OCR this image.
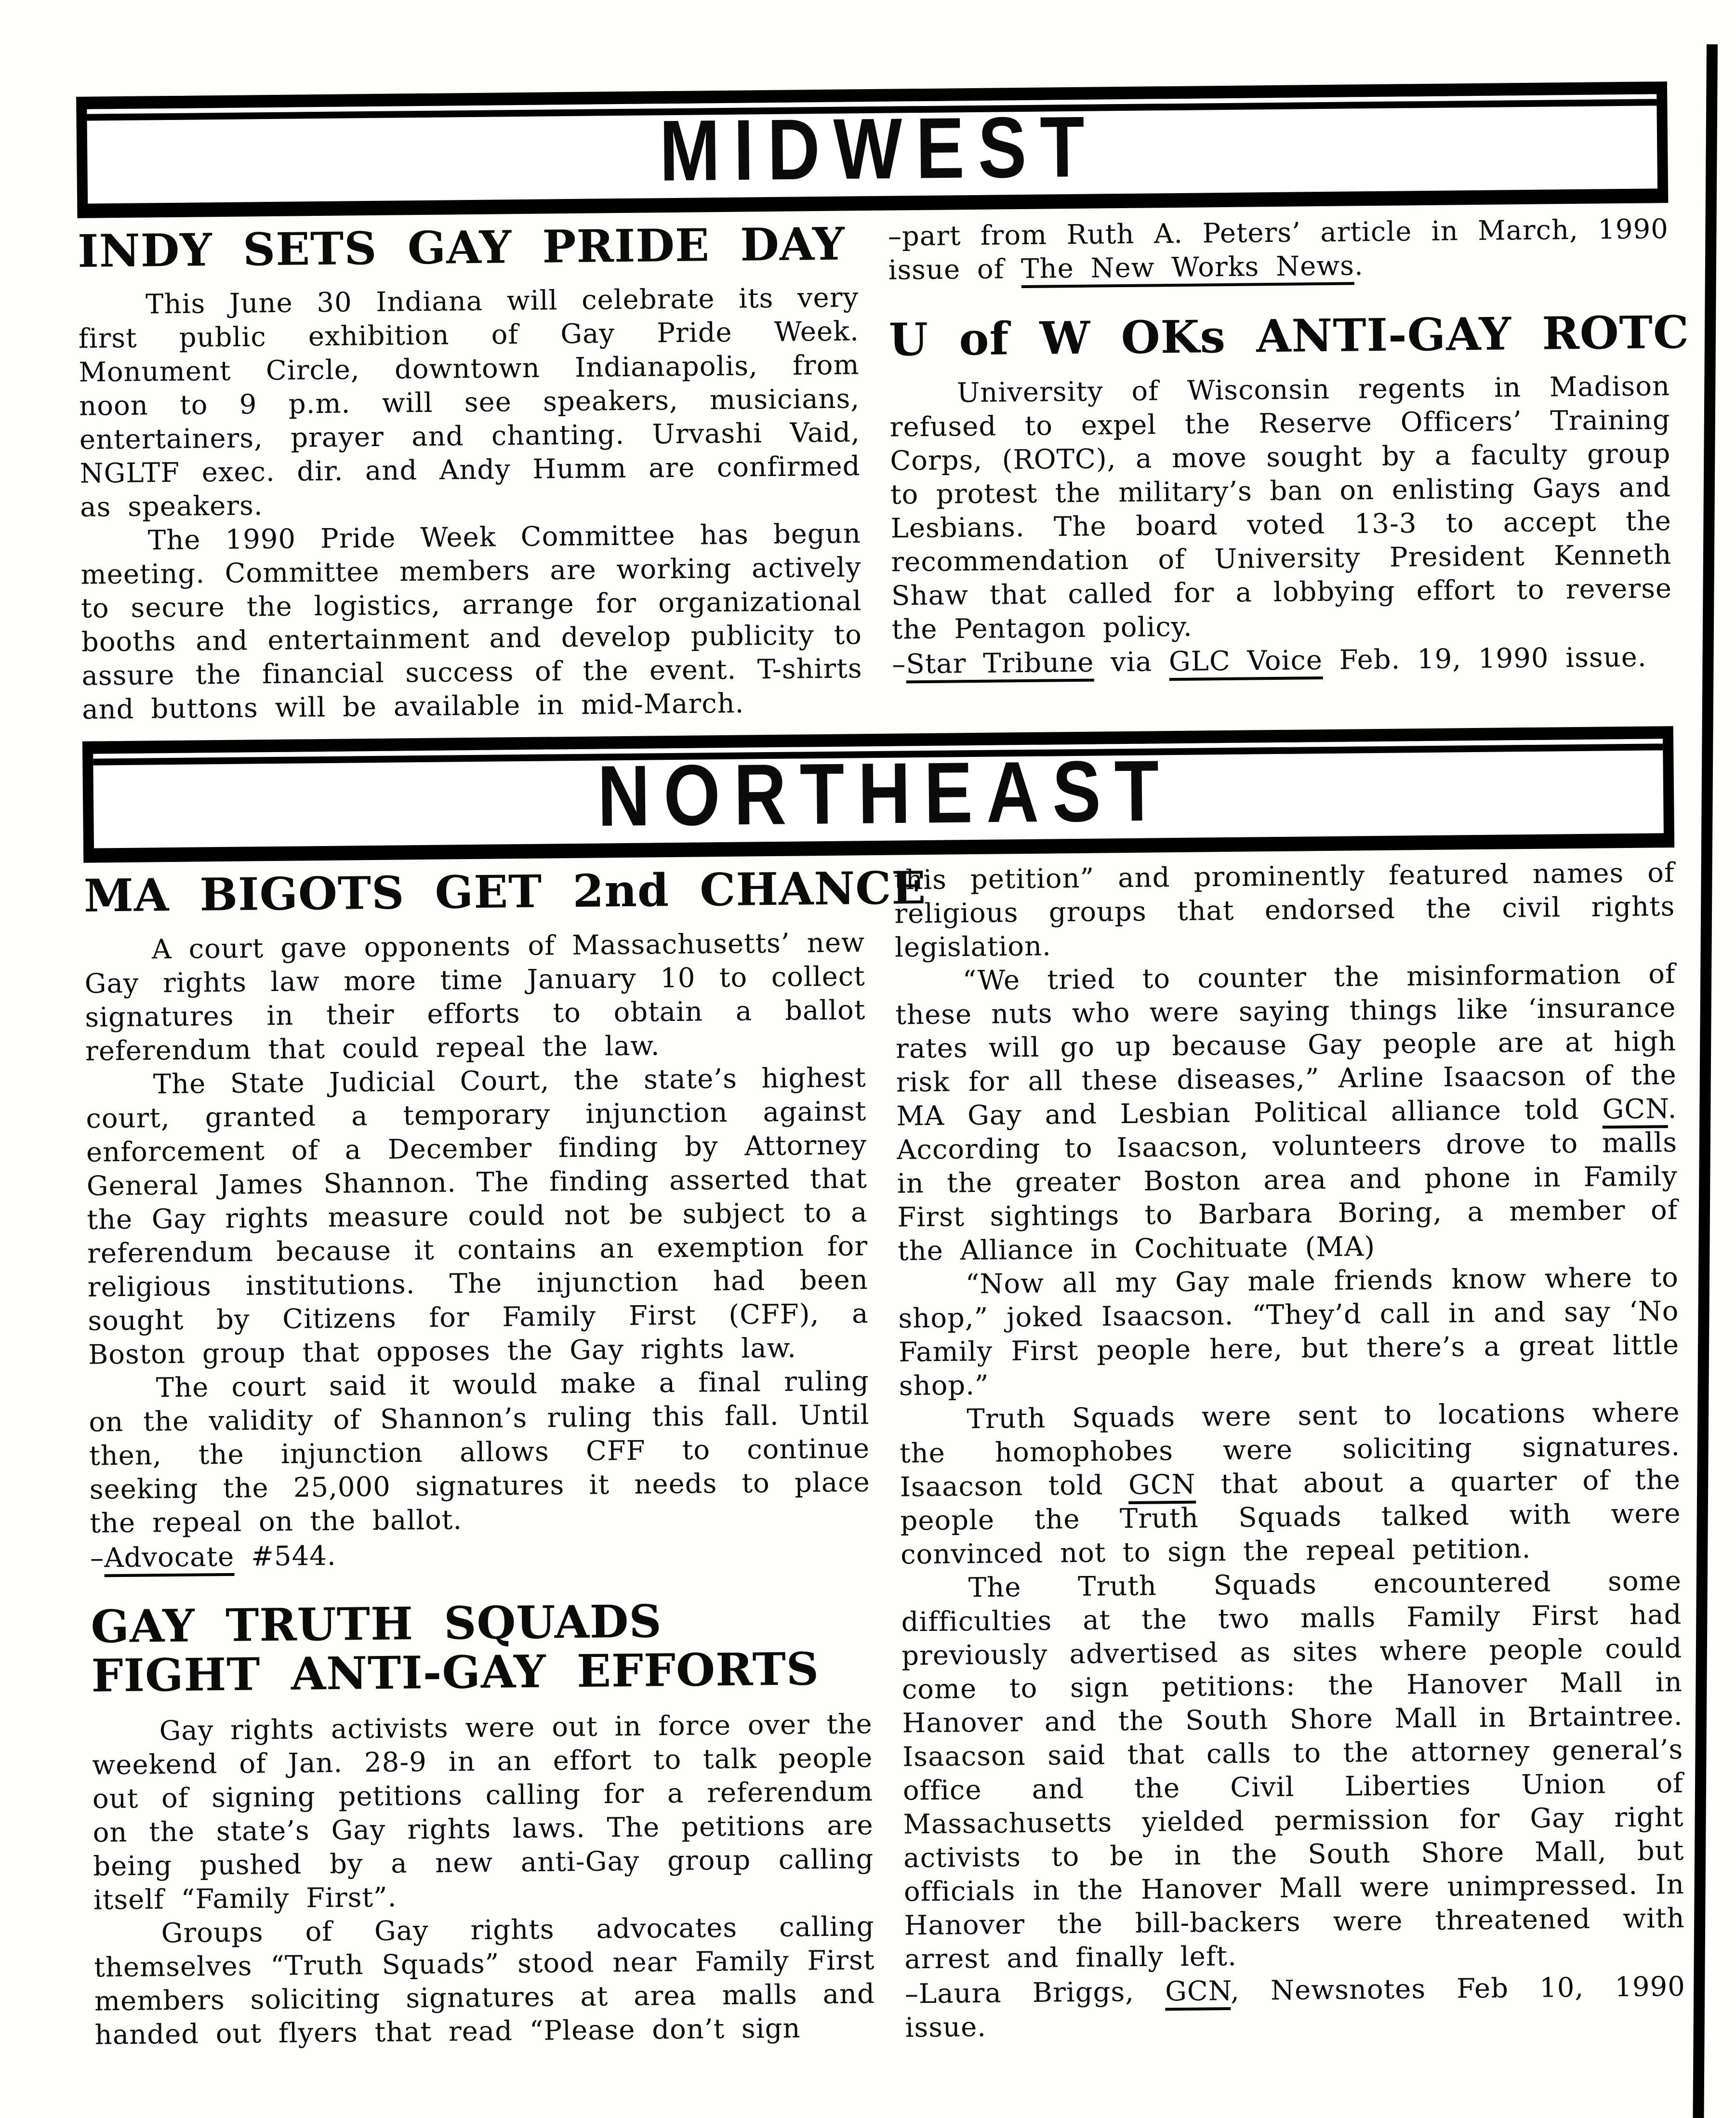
MIDWEST
INDY SETS GAY PRIDE DAY

This June 30 Indiana will celebrate its very first public exhibition of Gay Pride Week. Monument Circle, downtown Indianapolis, from noon to 9 p.m. will see speakers, musicians, entertainers, prayer and chanting. Urvashi Vaid, NGLTF exec. dir. and Andy Humm are confirmed as speakers.

The 1990 Pride Week Committee has begun meeting. Committee members are working actively to secure the logistics, arrange for organizational booths and entertainment and develop publicity to assure the financial success of the event. T-shirts and buttons will be available in mid-March.

–part from Ruth A. Peters’ article in March, 1990 issue of The New Works News.

U of W OKs ANTI-GAY ROTC

University of Wisconsin regents in Madison refused to expel the Reserve Officers’ Training Corps, (ROTC), a move sought by a faculty group to protest the military’s ban on enlisting Gays and Lesbians. The board voted 13-3 to accept the recommendation of University President Kenneth Shaw that called for a lobbying effort to reverse the Pentagon policy.

–Star Tribune via GLC Voice Feb. 19, 1990 issue.

NORTHEAST
MA BIGOTS GET 2nd CHANCE

A court gave opponents of Massachusetts’ new Gay rights law more time January 10 to collect signatures in their efforts to obtain a ballot referendum that could repeal the law.

The State Judicial Court, the state’s highest court, granted a temporary injunction against enforcement of a December finding by Attorney General James Shannon. The finding asserted that the Gay rights measure could not be subject to a referendum because it contains an exemption for religious institutions. The injunction had been sought by Citizens for Family First (CFF), a Boston group that opposes the Gay rights law.

The court said it would make a final ruling on the validity of Shannon’s ruling this fall. Until then, the injunction allows CFF to continue seeking the 25,000 signatures it needs to place the repeal on the ballot.

–Advocate #544.

GAY TRUTH SQUADS
FIGHT ANTI-GAY EFFORTS

Gay rights activists were out in force over the weekend of Jan. 28-9 in an effort to talk people out of signing petitions calling for a referendum on the state’s Gay rights laws. The petitions are being pushed by a new anti-Gay group calling itself “Family First”.

Groups of Gay rights advocates calling themselves “Truth Squads” stood near Family First members soliciting signatures at area malls and handed out flyers that read “Please don’t sign

this petition” and prominently featured names of religious groups that endorsed the civil rights legislation.

“We tried to counter the misinformation of these nuts who were saying things like ‘insurance rates will go up because Gay people are at high risk for all these diseases,” Arline Isaacson of the MA Gay and Lesbian Political alliance told GCN. According to Isaacson, volunteers drove to malls in the greater Boston area and phone in Family First sightings to Barbara Boring, a member of the Alliance in Cochituate (MA)

“Now all my Gay male friends know where to shop,” joked Isaacson. “They’d call in and say ‘No Family First people here, but there’s a great little shop.”

Truth Squads were sent to locations where the homophobes were soliciting signatures. Isaacson told GCN that about a quarter of the people the Truth Squads talked with were convinced not to sign the repeal petition.

The Truth Squads encountered some difficulties at the two malls Family First had previously advertised as sites where people could come to sign petitions: the Hanover Mall in Hanover and the South Shore Mall in Brtaintree. Isaacson said that calls to the attorney general’s office and the Civil Liberties Union of Massachusetts yielded permission for Gay right activists to be in the South Shore Mall, but officials in the Hanover Mall were unimpressed. In Hanover the bill-backers were threatened with arrest and finally left.

–Laura Briggs, GCN, Newsnotes Feb 10, 1990 issue.
